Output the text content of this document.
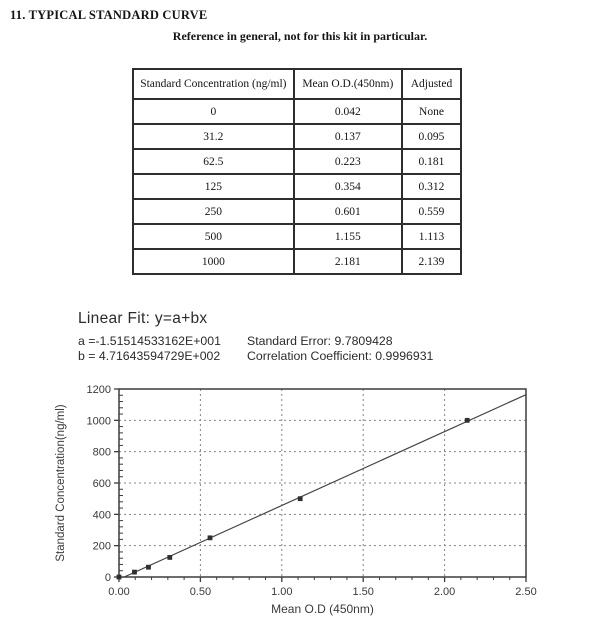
11. TYPICAL STANDARD CURVE
Reference in general, not for this kit in particular.
Standard Concentration (ng/ml)	Mean O.D.(450nm)	Adjusted
0	0.042	None
31.2	0.137	0.095
62.5	0.223	0.181
125	0.354	0.312
250	0.601	0.559
500	1.155	1.113
1000	2.181	2.139
Linear Fit: y=a+bx
a =-1.51514533162E+001
b = 4.71643594729E+002
Standard Error: 9.7809428
Correlation Coefficient: 0.9996931
0.00	0.50	1.00	1.50	2.00	2.50
0
200
400
600
800
1000
1200
Mean O.D (450nm)
Standard Concentration(ng/ml)
